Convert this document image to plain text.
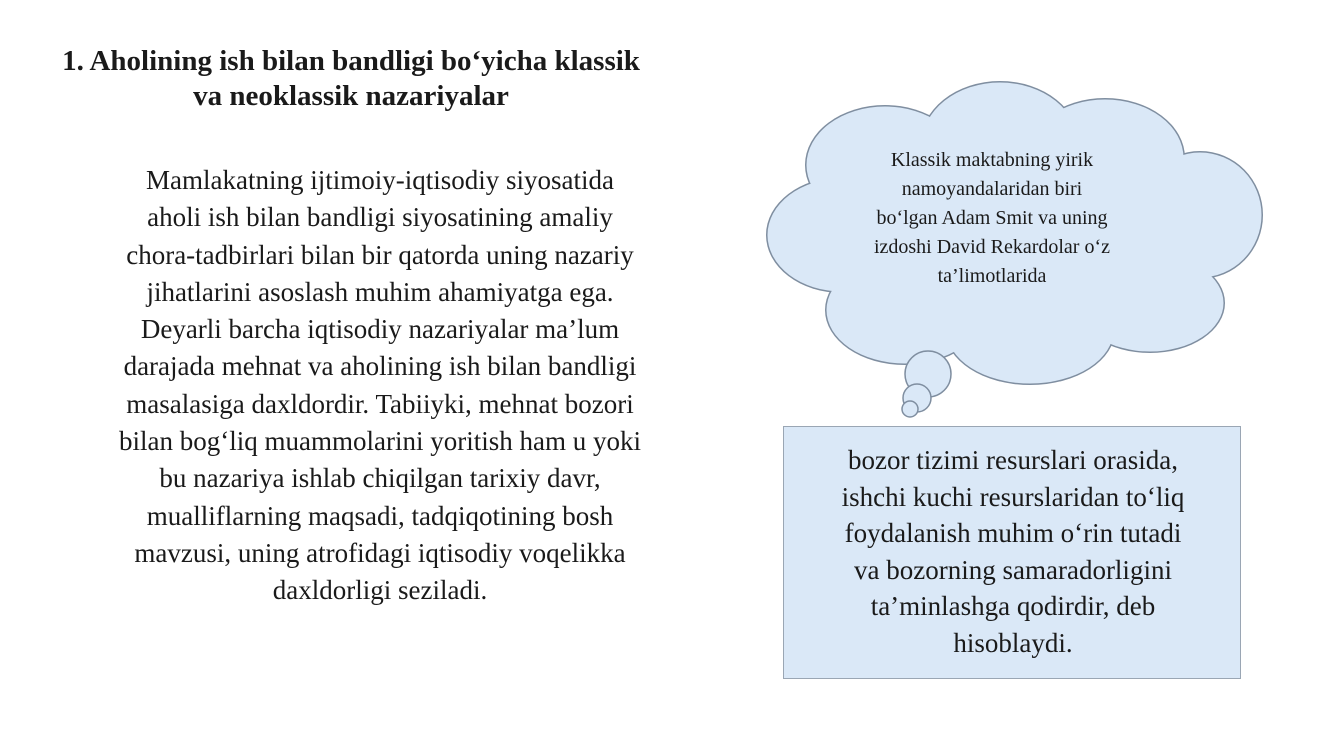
1. Aholining ish bilan bandligi bo‘yicha klassik
va neoklassik nazariyalar
Mamlakatning ijtimoiy-iqtisodiy siyosatida
aholi ish bilan bandligi siyosatining amaliy
chora-tadbirlari bilan bir qatorda uning nazariy
jihatlarini asoslash muhim ahamiyatga ega.
Deyarli barcha iqtisodiy nazariyalar ma’lum
darajada mehnat va aholining ish bilan bandligi
masalasiga daxldordir. Tabiiyki, mehnat bozori
bilan bog‘liq muammolarini yoritish ham u yoki
bu nazariya ishlab chiqilgan tarixiy davr,
mualliflarning maqsadi, tadqiqotining bosh
mavzusi, uning atrofidagi iqtisodiy voqelikka
daxldorligi seziladi.
Klassik maktabning yirik
namoyandalaridan biri
bo‘lgan Adam Smit va uning
izdoshi David Rekardolar o‘z
ta’limotlarida
bozor tizimi resurslari orasida,
ishchi kuchi resurslaridan to‘liq
foydalanish muhim o‘rin tutadi
va bozorning samaradorligini
ta’minlashga qodirdir, deb
hisoblaydi.
